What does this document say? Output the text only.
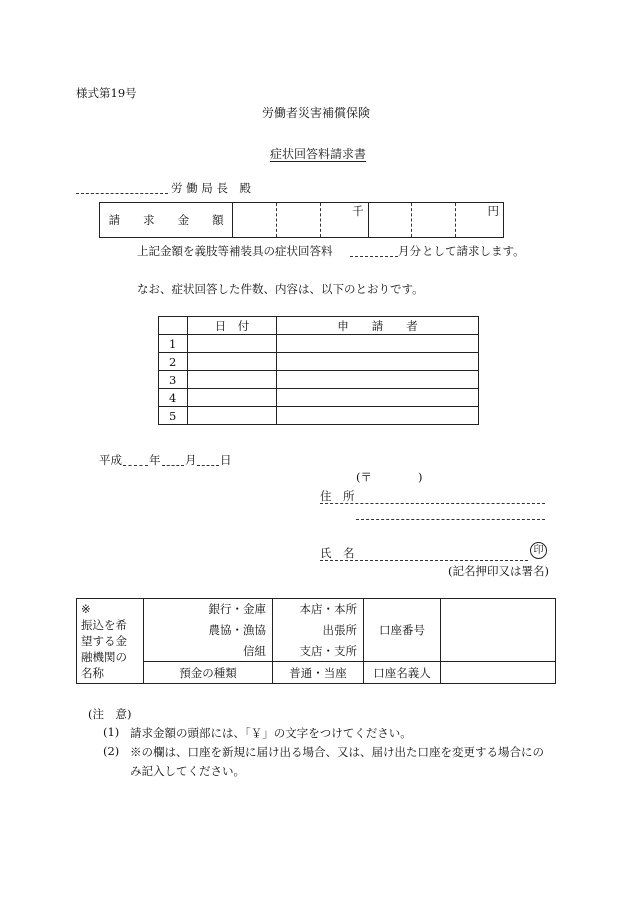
様式第19号
労働者災害補償保険
症状回答料請求書
労 働 局 長　殿
請　　求　　金　　額			千			円
上記金額を義肢等補装具の症状回答料	月分 として請求します。
なお、症状回答した件数、内容は、以下のとおりです。
	日　付	申　　請　　者
1		
2		
3		
4		
5		
平成 年 月 日
(〒　　　　)
住　所
氏　名	印
(記名押印又は署名)
※
振込を希望する金融機関の名称	銀行・金庫	本店・本所	口座番号	
	農協・漁協	出張所		
	信組	支店・支所		
	預金の種類	普通・当座	口座名義人	
(注　意)
(1) 請求金額の頭部には、「￥」の文字をつけてください。
(2) ※の欄は、口座を新規に届け出る場合、又は、届け出た口座を変更する場合にの
み記入してください。
